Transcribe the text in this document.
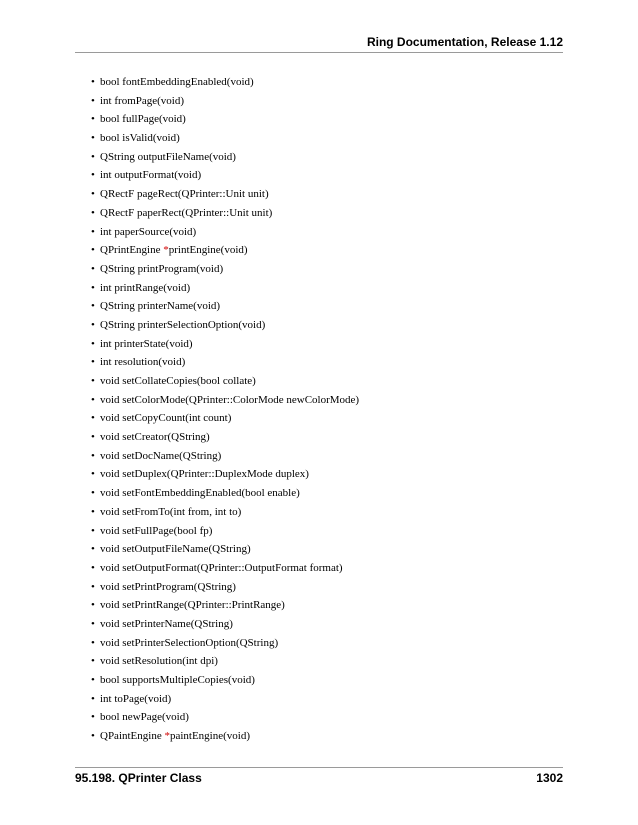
Ring Documentation, Release 1.12
• bool fontEmbeddingEnabled(void)
• int fromPage(void)
• bool fullPage(void)
• bool isValid(void)
• QString outputFileName(void)
• int outputFormat(void)
• QRectF pageRect(QPrinter::Unit unit)
• QRectF paperRect(QPrinter::Unit unit)
• int paperSource(void)
• QPrintEngine *printEngine(void)
• QString printProgram(void)
• int printRange(void)
• QString printerName(void)
• QString printerSelectionOption(void)
• int printerState(void)
• int resolution(void)
• void setCollateCopies(bool collate)
• void setColorMode(QPrinter::ColorMode newColorMode)
• void setCopyCount(int count)
• void setCreator(QString)
• void setDocName(QString)
• void setDuplex(QPrinter::DuplexMode duplex)
• void setFontEmbeddingEnabled(bool enable)
• void setFromTo(int from, int to)
• void setFullPage(bool fp)
• void setOutputFileName(QString)
• void setOutputFormat(QPrinter::OutputFormat format)
• void setPrintProgram(QString)
• void setPrintRange(QPrinter::PrintRange)
• void setPrinterName(QString)
• void setPrinterSelectionOption(QString)
• void setResolution(int dpi)
• bool supportsMultipleCopies(void)
• int toPage(void)
• bool newPage(void)
• QPaintEngine *paintEngine(void)
95.198. QPrinter Class	1302
